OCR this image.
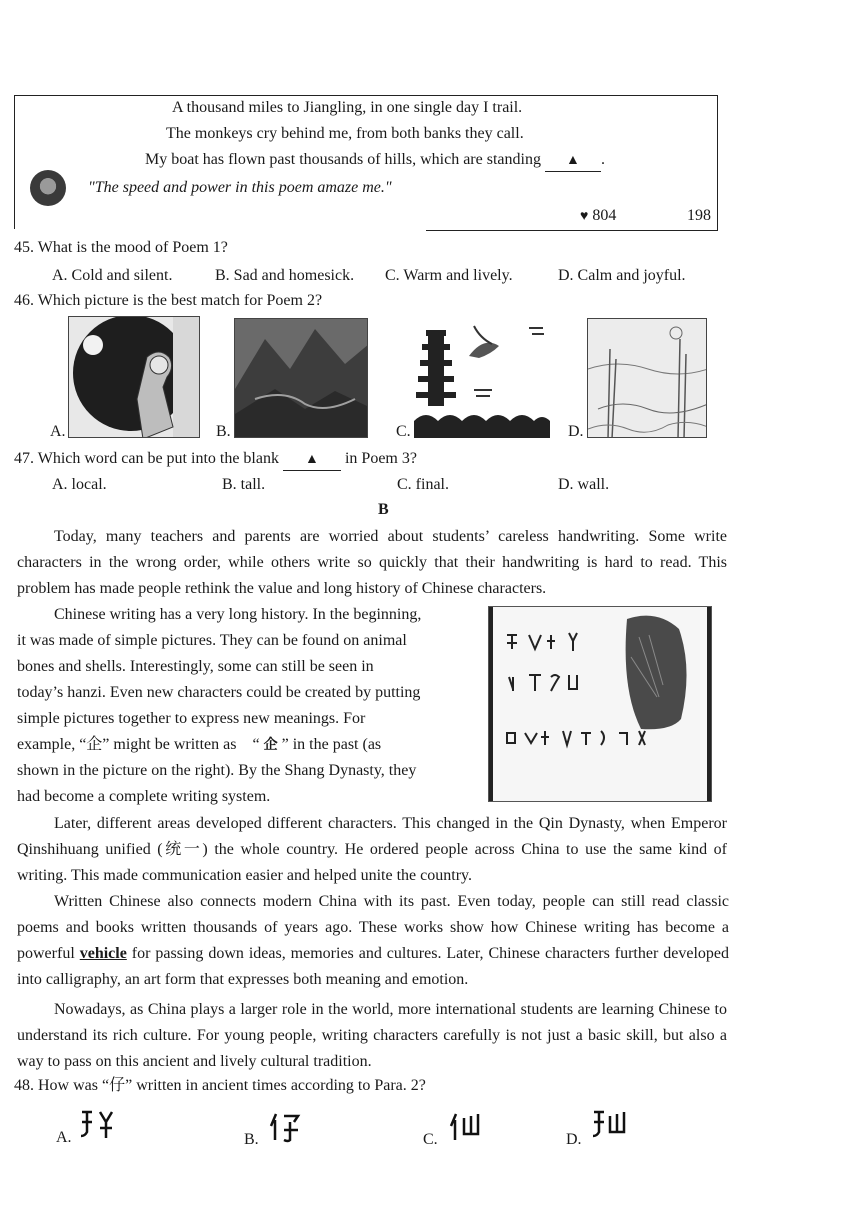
A thousand miles to Jiangling, in one single day I trail.
The monkeys cry behind me, from both banks they call.
My boat has flown past thousands of hills, which are standing ▲ .
"The speed and power in this poem amaze me."
♥ 804	198
45. What is the mood of Poem 1?
A. Cold and silent.	B. Sad and homesick. C. Warm and lively.	D. Calm and joyful.
46. Which picture is the best match for Poem 2?
A.	B.	C.	D.
47. Which word can be put into the blank ▲ in Poem 3?
A. local.	B. tall.	C. final.	D. wall.
B
Today, many teachers and parents are worried about students’ careless handwriting. Some write characters in the wrong order, while others write so quickly that their handwriting is hard to read. This problem has made people rethink the value and long history of Chinese characters.
Chinese writing has a very long history. In the beginning,
it was made of simple pictures. They can be found on animal
bones and shells. Interestingly, some can still be seen in
today’s hanzi. Even new characters could be created by putting
simple pictures together to express new meanings. For
example, “企” might be written as “ 企 ” in the past (as
shown in the picture on the right). By the Shang Dynasty, they
had become a complete writing system.
Later, different areas developed different characters. This changed in the Qin Dynasty, when Emperor Qinshihuang unified (统一) the whole country. He ordered people across China to use the same kind of writing. This made communication easier and helped unite the country.
Written Chinese also connects modern China with its past. Even today, people can still read classic poems and books written thousands of years ago. These works show how Chinese writing has become a powerful vehicle for passing down ideas, memories and cultures. Later, Chinese characters further developed into calligraphy, an art form that expresses both meaning and emotion.
Nowadays, as China plays a larger role in the world, more international students are learning Chinese to understand its rich culture. For young people, writing characters carefully is not just a basic skill, but also a way to pass on this ancient and lively cultural tradition.
48. How was “仔” written in ancient times according to Para. 2?
A.	B.	C.	D.
